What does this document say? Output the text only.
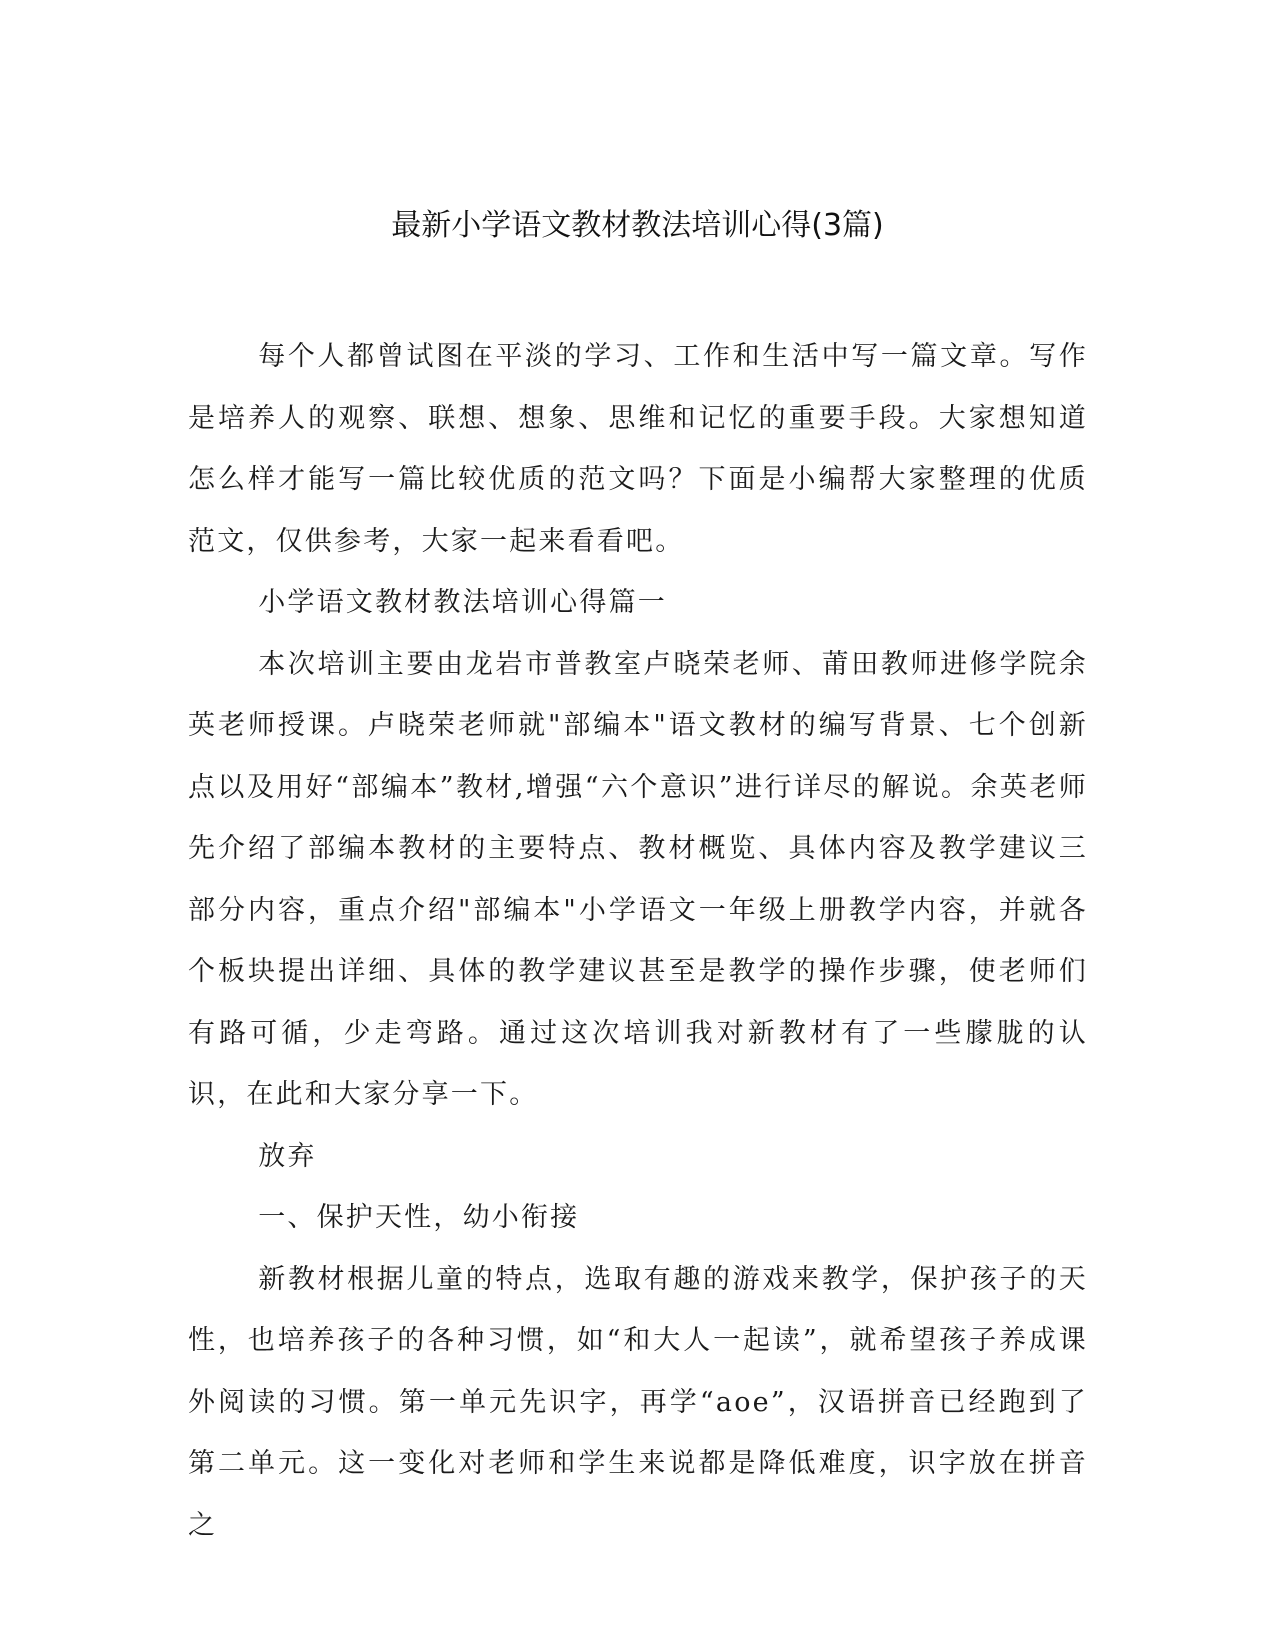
最新小学语文教材教法培训心得(3篇)

每个人都曾试图在平淡的学习、工作和生活中写一篇文章。写作是培养人的观察、联想、想象、思维和记忆的重要手段。大家想知道怎么样才能写一篇比较优质的范文吗？下面是小编帮大家整理的优质范文，仅供参考，大家一起来看看吧。

小学语文教材教法培训心得篇一

本次培训主要由龙岩市普教室卢晓荣老师、莆田教师进修学院余英老师授课。卢晓荣老师就"部编本"语文教材的编写背景、七个创新点以及用好“部编本”教材,增强“六个意识”进行详尽的解说。余英老师先介绍了部编本教材的主要特点、教材概览、具体内容及教学建议三部分内容，重点介绍"部编本"小学语文一年级上册教学内容，并就各个板块提出详细、具体的教学建议甚至是教学的操作步骤，使老师们有路可循，少走弯路。通过这次培训我对新教材有了一些朦胧的认识，在此和大家分享一下。

放弃

一、保护天性，幼小衔接

新教材根据儿童的特点，选取有趣的游戏来教学，保护孩子的天性，也培养孩子的各种习惯，如“和大人一起读”，就希望孩子养成课外阅读的习惯。第一单元先识字，再学“aoe”，汉语拼音已经跑到了第二单元。这一变化对老师和学生来说都是降低难度，识字放在拼音之
